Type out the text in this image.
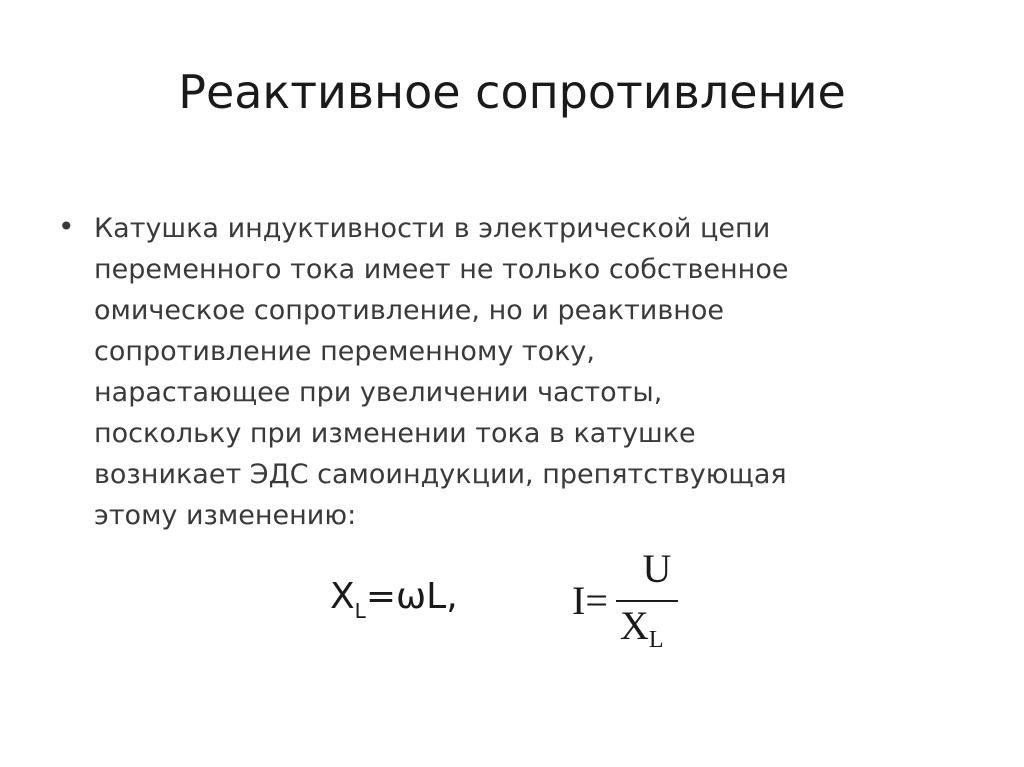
Реактивное сопротивление
• Катушка индуктивности в электрической цепи
переменного тока имеет не только собственное
омическое сопротивление, но и реактивное
сопротивление переменному току,
нарастающее при увеличении частоты,
поскольку при изменении тока в катушке
возникает ЭДС самоиндукции, препятствующая
этому изменению:
$X_L=\omega L$,	I=
U
$X_L$
